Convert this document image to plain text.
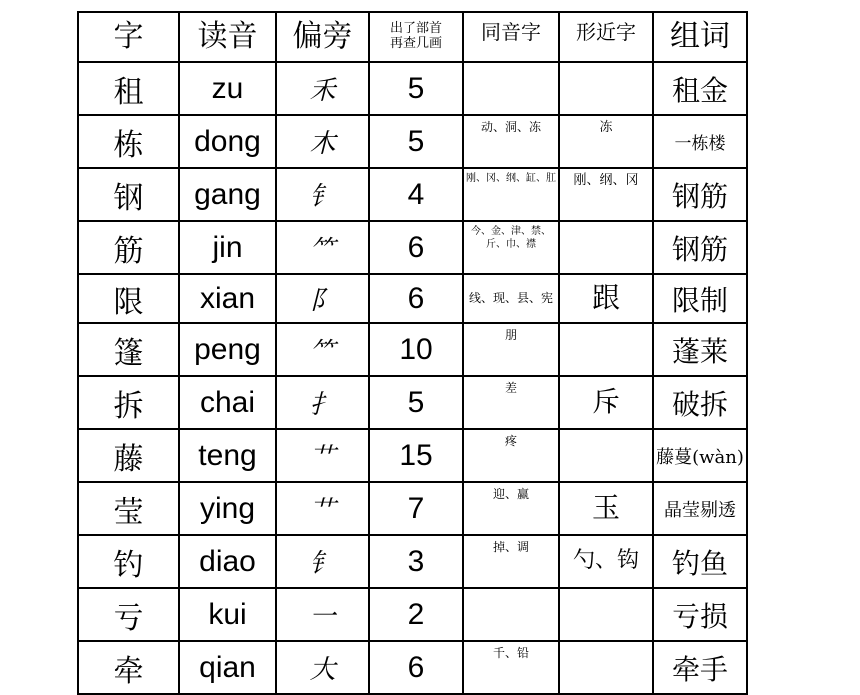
字	读音	偏旁	出了部首再查几画	同音字	形近字	组词
租	zu	禾	5			租金
栋	dong	木	5	动、洞、冻	冻	一栋楼
钢	gang	钅	4	刚、冈、纲、缸、肛	刚、纲、冈	钢筋
筋	jin	⺮	6	今、金、津、禁、斤、巾、襟		钢筋
限	xian	阝	6	线、现、县、宪	跟	限制
篷	peng	⺮	10	朋		蓬莱
拆	chai	扌	5	差	斥	破拆
藤	teng	艹	15	疼		藤蔓(wàn)
莹	ying	艹	7	迎、赢	玉	晶莹剔透
钓	diao	钅	3	掉、调	勺、钩	钓鱼
亏	kui	一	2			亏损
牵	qian	大	6	千、铅		牵手
